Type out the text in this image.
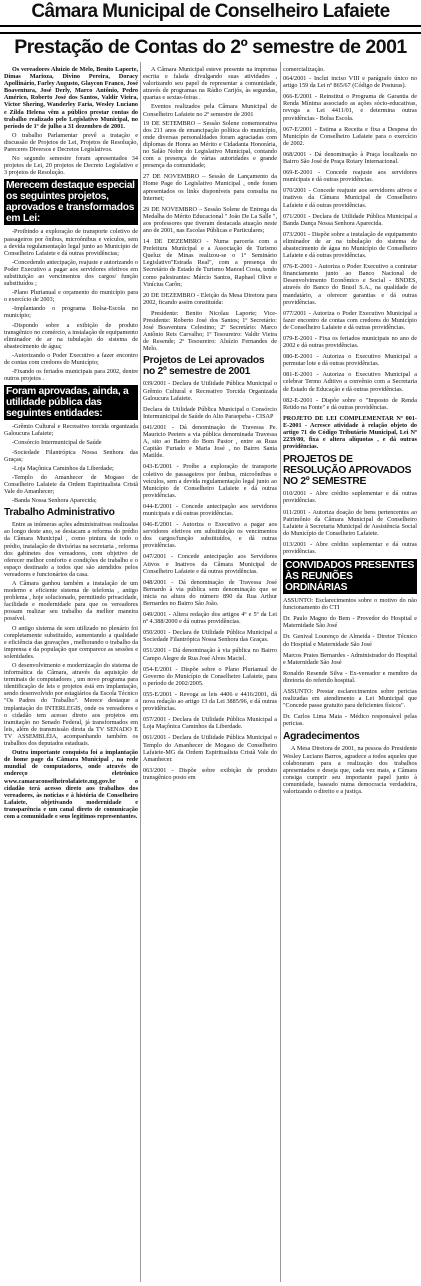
Câmara Municipal de Conselheiro Lafaiete
Prestação de Contas do 2º semestre de 2001

Os vereadores Aluízio de Melo, Benito Laporte, Dimas Marioza, Divino Pereira, Doracy Apollinário, Farley Augusto, Glaycon Franco, José Boaventura, José Derly, Marco Antônio, Pedro Américo, Roberto José dos Santos, Valdir Vieira, Victor Shering, Wanderley Faria, Wesley Luciano e Zilda Helena vêm a público prestar contas do trabalho realizado pelo Legislativo Municipal, no período de 1º de julho a 31 dezembro de 2001.

O trabalho Parlamentar prevê a tratação e discussão de Projetos de Lei, Projetos de Resolução, Pareceres Diversos e Decretos Legislativos.

No segundo semestre foram apresentados 34 projetos de Lei, 20 projetos de Decreto Legislativo e 3 projetos de Resolução.

Merecem destaque especial os seguintes projetos, aprovados e transformados em Lei:

-Proibindo a exploração de transporte coletivo de passageiros por ônibus, microônibus e veículos, sem a devida regulamentação legal junto ao Município de Conselheiro Lafaiete e dá outras providências;

-Concedendo antecipação, reajuste e autorizando o Poder Executivo a pagar aos servidores efetivos em substituição ao vencimentos dos cargos/ função substituídos ;

-Plano Plurianual e orçamento do município para o exercício de 2003;

-Implantando o programa Bolsa-Escola no município;

-Dispondo sobre a exibição de produto transgênico no comércio, a instalação de equipamento eliminador de ar na tubulação do sistema de abastecimento de água;

-Autorizando o Poder Executivo a fazer encontro de contas com credores do Município;

-Fixando os feriados municipais para 2002, dentre outros projetos .

Foram aprovadas, ainda, a utilidade pública das seguintes entidades:

-Grêmio Cultural e Recreativo torcida organizada Galoucura Lafaiete;

-Consórcio Intermunicipal de Saúde

-Sociedade Filantrópica Nossa Senhora das Graças;

-Loja Maçônica Caminhos da Liberdade;

-Templo do Amanhecer de Mogaso de Conselheiro Lafaiete da Ordem Espiritualista Cristã Vale do Amanhecer;

-Banda Nossa Senhora Aparecida;

Trabalho Administrativo

Entre as inúmeras ações administrativas realizadas ao longo deste ano, se destacam a reforma do prédio da Câmara Municipal , como pintura de todo o prédio, instalação de divisórias na secretaria , reforma dos gabinetes dos vereadores, com objetivo de oferecer melhor conforto e condições de trabalho e o espaço destinado a todos que são atendidos pelos vereadores e funcionários da casa.

A Câmara ganhou também a instalação de um moderno e eficiente sistema de telefonia , antigo problema , hoje solucionado, permitindo privacidade, facilidade e modernidade para que os vereadores possam realizar seu trabalho da melhor maneira possível.

O antigo sistema de som utilizado no plenário foi completamente substituído, aumentando a qualidade e eficiência das gravações , melhorando o trabalho da imprensa e da população que comparece as sessões e solenidades.

O desenvolvimento e modernização do sistema de informática da Câmara, através da aquisição de terminais de computadores , um novo programa para identificação de leis e projetos está em implantação, sendo desenvolvido por estagiários da Escola Técnico "Os Padres do Trabalho". Merece destaque a implantação do INTERLEGIS, onde os vereadores e o cidadão tem acesso direto aos projetos em tramitação no Senado Federal, já transformados em leis, além de transmissão direta da TV SENADO E TV ASSEMBLÉIA, acompanhando também os trabalhos dos deputados estaduais.

Outra importante conquista foi a implantação de home page da Câmara Municipal , na rede mundial de computadores, onde através do endereço eletrônico www.camaraconselheirolafaiete.mg.gov.br o cidadão terá acesso direto aos trabalhos dos vereadores, às notícias e à história de Conselheiro Lafaiete, objetivando modernidade e transparência e um canal direto de comunicação com a comunidade e seus legítimos representantes.

A Câmara Municipal esteve presente na imprensa escrita e falada divulgando suas atividades , valorizando seu papel de representar a comunidade, através de programas na Rádio Carijós, às segundas, quartas e sextas-feiras .

Eventos realizados pela Câmara Municipal de Conselheiro Lafaiete no 2º semestre de 2001

19 DE SETEMBRO – Sessão Solene comemorativa dos 211 anos de emancipação política do município, onde diversas personalidades foram agraciadas com diplomas de Honra ao Mérito e Cidadania Honorária, no Salão Nobre do Legislativo Municipal, contando com a presença de várias autoridades e grande presença da comunidade;

27 DE NOVEMBRO – Sessão de Lançamento da Home Page do Legislativo Municipal , onde foram apresentados os links disponíveis para consulta na Internet;

29 DE NOVEMBRO – Sessão Solene de Entrega da Medalha do Mérito Educacional " João De La Salle ", aos professores que tiveram destacada atuação neste ano de 2001, nas Escolas Públicas e Particulares;

14 DE DEZEMBRO - Numa parceria com a Prefeitura Municipal e a Associação de Turismo Queluz de Minas realizou-se o 1º Seminário Legislativo"Estrada Real", com a presença do Secretário de Estado de Turismo Manoel Costa, tendo como palestrantes: Márcio Santos, Raphael Olive e Vinícius Carôn;

20 DE DEZEMBRO - Eleição da Mesa Diretora para 2002, ficando assim constituída:

Presidente: Benito Nicolau Laporte; Vice-Presidente: Roberto José dos Santos; 1º Secretário: José Boaventura Celestino; 2º Secretário: Marco Antônio Reis Carvalho; 1º Tesoureiro: Valdir Vieira de Resende; 2º Tesoureiro: Aluízio Fernandes de Melo.

Projetos de Lei aprovados no 2º semestre de 2001

039/2001 - Declara de Utilidade Pública Municipal o Grêmio Cultural e Recreativo Torcida Organizada Galoucura Lafaiete.

Declara de Utilidade Pública Municipal o Consórcio Intermunicipal de Saúde do Alto Paraopeba - CISAP

041/2001 - Dá denominação de Travessa Pe. Mauricio Peeters a via pública denominada Travessa A, sito ao Bairro do Bom Pastor , entre as Ruas Capitão Furtado e Maria José , no Bairro Santa Matilde.

043-E/2001 - Proíbe a exploração de transporte coletivo de passageiros por ônibus, microônibus e veículos, sem a devida regulamentação legal junto ao Município de Conselheiro Lafaiete e dá outras providências.

044-E/2001 - Concede antecipação aos servidores municipais e dá outras providências.

046-E/2001 - Autoriza o Executivo a pagar aos servidores efetivos em substituição os vencimentos dos cargos/função substituídos, e dá outras providências.

047/2001 - Concede antecipação aos Servidores Ativos e Inativos da Câmara Municipal de Conselheiro Lafaiete e dá outras providências.

048/2001 - Dá denominação de Travessa José Bernardo à via pública sem denominação que se inicia na altura do número 890 da Rua Arthur Bernardes no Bairro São João.

049/2001 - Altera redação dos artigos 4º e 5º da Lei nº 4.388/2000 e dá outras providências.

050/2001 - Declara de Utilidade Pública Municipal a Sociedade Filantrópica Nossa Senhora das Graças.

051/2001 - Dá denominação à via pública no Bairro Campo Alegre de Rua José Alves Maciel.

054-E/2001 - Dispõe sobre o Plano Plurianual de Governo do Município de Conselheiro Lafaiete, para o período de 2002/2005.

055-E/2001 - Revoga as leis 4406 e 4416/2001, dá nova redação ao artigo 13 da Lei 3885/96, e dá outras providências.

057/2001 - Declara de Utilidade Pública Municipal a Loja Maçônica Caminhos da Liberdade.

061/2001 - Declara de Utilidade Pública Municipal o Templo do Amanhecer de Mogaso de Conselheiro Lafaiete-MG da Ordem Espiritualista Cristã Vale do Amanhecer.

063/2001 - Dispõe sobre exibição de produto transgênico posto em

comercialização.

064/2001 - Inclui inciso VIII e parágrafo único no artigo 159 da Lei nº 865/67 (Código de Posturas).

066-E/2001 - Reinstitui o Programa de Garantia de Renda Mínima associado as ações sócio-educativas, revoga a Lei 4411/01, e determina outras providências - Bolsa Escola.

067-E/2001 - Estima a Receita e fixa a Despesa do Município de Conselheiro Lafaiete para o exercício de 2002.

068/2001 - Dá denominação à Praça localizada no Bairro São José de Praça Rotary Internacional.

069-E-2001 - Concede reajuste aos servidores municipais e dá outras providências.

070/2001 - Concede reajuste aos servidores ativos e inativos da Câmara Municipal de Conselheiro Lafaiete e dá outras providências.

071/2001 - Declara de Utilidade Pública Municipal a Banda Dança Nossa Senhora Aparecida.

073/2001 - Dispõe sobre a instalação de equipamento eliminador de ar na tubulação do sistema de abastecimento de água no Município de Conselheiro Lafaiete e dá outras providências.

076-E-2001 - Autoriza o Poder Executivo a contratar financiamento junto ao Banco Nacional de Desenvolvimento Econômico e Social - BNDES, através do Banco do Brasil S.A., na qualidade de mandatário, a oferecer garantias e dá outras providências.

077/2001 - Autoriza o Poder Executivo Municipal a fazer encontro de contas com credores do Município de Conselheiro Lafaiete e dá outras providências.

079-E-2001 - Fixa os feriados municipais no ano de 2002 e dá outras providências.

080-E-2001 - Autoriza o Executivo Municipal a permutar lote e dá outras providências.

081-E-2001 - Autoriza o Executivo Municipal a celebrar Termo Aditivo a convênio com a Secretaria de Estado de Educação e dá outras providências.

082-E-2001 - Dispõe sobre o "Imposto de Renda Retido na Fonte" e dá outras providências.

PROJETO DE LEI COMPLEMENTAR Nº 001-E-2001 - Acresce atividade à relação objeto do artigo 71 do Código Tributário Municipal, Lei Nº 2239/80, fixa e altera alíquotas , e dá outras providências.

PROJETOS DE RESOLUÇÃO APROVADOS NO 2º SEMESTRE

010/2001 - Abre crédito suplementar e dá outras providências.

011/2001 - Autoriza doação de bens pertencentes ao Patrimônio da Câmara Municipal de Conselheiro Lafaiete à Secretaria Municipal de Assistência Social do Município de Conselheiro Lafaiete.

013/2001 - Abre crédito suplementar e dá outras providências.

CONVIDADOS PRESENTES ÀS REUNIÕES ORDINÁRIAS

ASSUNTO: Esclarecimentos sobre o motivo do não funcionamento do CTI

Dr. Paulo Magno do Bem - Provedor do Hospital e Maternidade São José

Dr. Genival Lourenço de Almeida - Diretor Técnico do Hospital e Maternidade São José

Marcos Prates Bernardes - Administrador do Hospital e Maternidade São José

Ronaldo Resende Silva - Ex-vereador e membro da diretoria do referido hospital.

ASSUNTO: Prestar esclarecimentos sobre pericias realizadas em atendimento a Lei Municipal que "Concede passe gratuito para deficientes físicos".

Dr. Carlos Lima Maia - Médico responsável pelas pericias.

Agradecimentos

A Mesa Diretora de 2001, na pessoa do Presidente Wesley Luciano Barros, agradece a todos aqueles que colaboraram para a realização dos trabalhos apresentados e deseja que, cada vez mais, a Câmara consiga cumprir seu importante papel junto à comunidade, baseado numa democracia verdadeira, valorizando o direito e a justiça.
